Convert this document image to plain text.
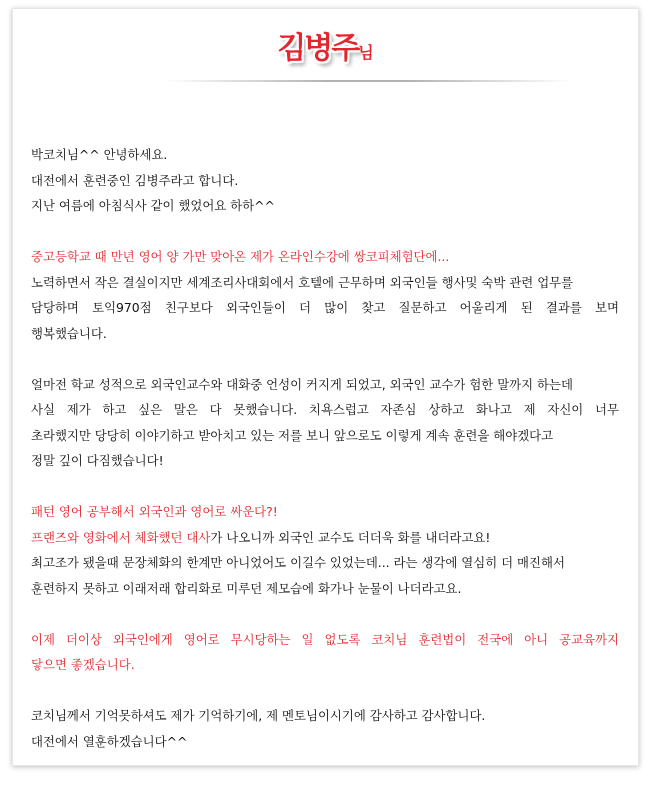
김병주님

박코치님^^ 안녕하세요.
대전에서 훈련중인 김병주라고 합니다.
지난 여름에 아침식사 같이 했었어요 하하^^

중고등학교 때 만년 영어 양 가만 맞아온 제가 온라인수강에 쌍코피체험단에...
노력하면서 작은 결실이지만 세계조리사대회에서 호텔에 근무하며 외국인들 행사및 숙박 관련 업무를
담당하며 토익970점 친구보다 외국인들이 더 많이 찾고 질문하고 어울리게 된 결과를 보며
행복했습니다.

얼마전 학교 성적으로 외국인교수와 대화중 언성이 커지게 되었고, 외국인 교수가 험한 말까지 하는데
사실 제가 하고 싶은 말은 다 못했습니다. 치욕스럽고 자존심 상하고 화나고 제 자신이 너무
초라했지만 당당히 이야기하고 받아치고 있는 저를 보니 앞으로도 이렇게 계속 훈련을 해야겠다고
정말 깊이 다짐했습니다!

패턴 영어 공부해서 외국인과 영어로 싸운다?!
프랜즈와 영화에서 체화했던 대사가 나오니까 외국인 교수도 더더욱 화를 내더라고요!
최고조가 됐을때 문장체화의 한계만 아니었어도 이길수 있었는데... 라는 생각에 열심히 더 매진해서
훈련하지 못하고 이래저래 합리화로 미루던 제모습에 화가나 눈물이 나더라고요.

이제 더이상 외국인에게 영어로 무시당하는 일 없도록 코치님 훈련법이 전국에 아니 공교육까지
닿으면 좋겠습니다.

코치님께서 기억못하셔도 제가 기억하기에, 제 멘토님이시기에 감사하고 감사합니다.
대전에서 열훈하겠습니다^^
